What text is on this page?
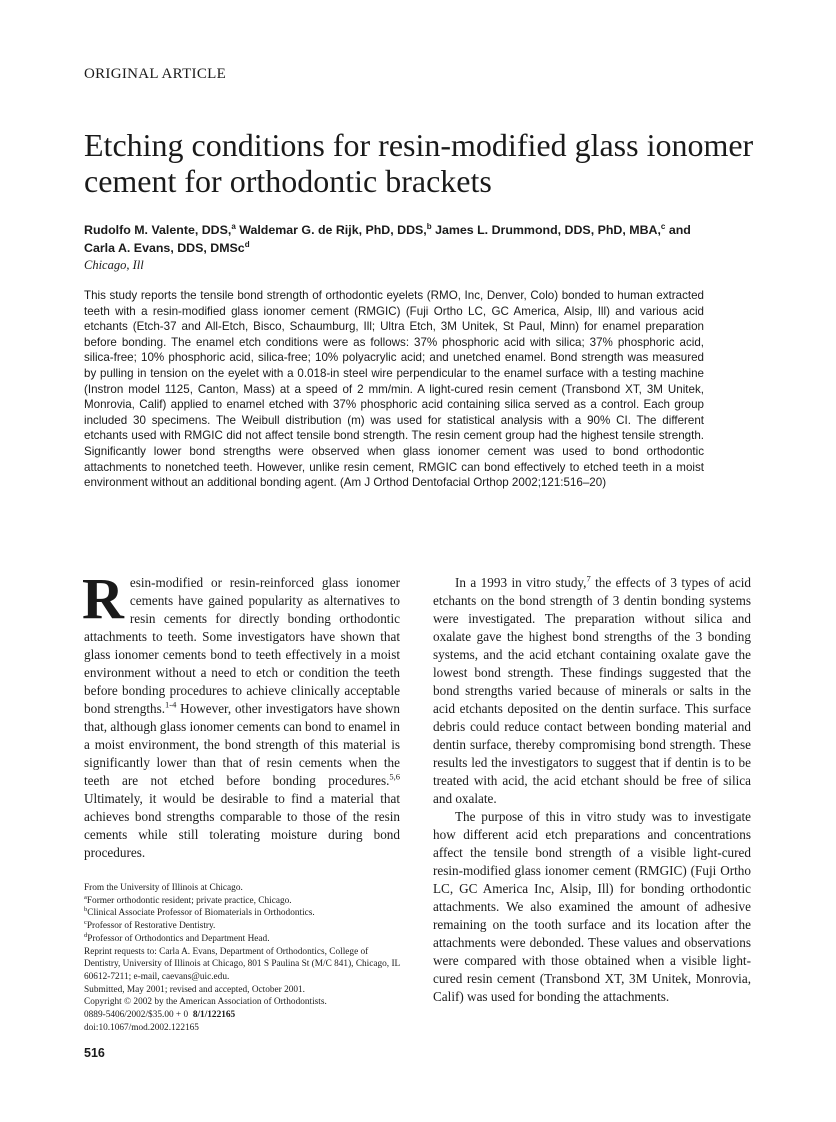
ORIGINAL ARTICLE
Etching conditions for resin-modified glass ionomer cement for orthodontic brackets
Rudolfo M. Valente, DDS,$^a$ Waldemar G. de Rijk, PhD, DDS,$^b$ James L. Drummond, DDS, PhD, MBA,$^c$ and
Carla A. Evans, DDS, DMSc$^d$
Chicago, Ill
This study reports the tensile bond strength of orthodontic eyelets (RMO, Inc, Denver, Colo) bonded to human extracted teeth with a resin-modified glass ionomer cement (RMGIC) (Fuji Ortho LC, GC America, Alsip, Ill) and various acid etchants (Etch-37 and All-Etch, Bisco, Schaumburg, Ill; Ultra Etch, 3M Unitek, St Paul, Minn) for enamel preparation before bonding. The enamel etch conditions were as follows: 37% phosphoric acid with silica; 37% phosphoric acid, silica-free; 10% phosphoric acid, silica-free; 10% polyacrylic acid; and unetched enamel. Bond strength was measured by pulling in tension on the eyelet with a 0.018-in steel wire perpendicular to the enamel surface with a testing machine (Instron model 1125, Canton, Mass) at a speed of 2 mm/min. A light-cured resin cement (Transbond XT, 3M Unitek, Monrovia, Calif) applied to enamel etched with 37% phosphoric acid containing silica served as a control. Each group included 30 specimens. The Weibull distribution (m) was used for statistical analysis with a 90% CI. The different etchants used with RMGIC did not affect tensile bond strength. The resin cement group had the highest tensile strength. Significantly lower bond strengths were observed when glass ionomer cement was used to bond orthodontic attachments to nonetched teeth. However, unlike resin cement, RMGIC can bond effectively to etched teeth in a moist environment without an additional bonding agent. (Am J Orthod Dentofacial Orthop 2002;121:516–20)

Resin-modified or resin-reinforced glass ionomer cements have gained popularity as alternatives to resin cements for directly bonding orthodontic attachments to teeth. Some investigators have shown that glass ionomer cements bond to teeth effectively in a moist environment without a need to etch or condition the teeth before bonding procedures to achieve clinically acceptable bond strengths.$^{1-4}$ However, other investigators have shown that, although glass ionomer cements can bond to enamel in a moist environment, the bond strength of this material is significantly lower than that of resin cements when the teeth are not etched before bonding procedures.$^{5,6}$ Ultimately, it would be desirable to find a material that achieves bond strengths comparable to those of the resin cements while still tolerating moisture during bond procedures.

From the University of Illinois at Chicago.
$^a$Former orthodontic resident; private practice, Chicago.
$^b$Clinical Associate Professor of Biomaterials in Orthodontics.
$^c$Professor of Restorative Dentistry.
$^d$Professor of Orthodontics and Department Head.
Reprint requests to: Carla A. Evans, Department of Orthodontics, College of Dentistry, University of Illinois at Chicago, 801 S Paulina St (M/C 841), Chicago, IL 60612-7211; e-mail, caevans@uic.edu.
Submitted, May 2001; revised and accepted, October 2001.
Copyright © 2002 by the American Association of Orthodontists.
0889-5406/2002/$35.00 + 0 8/1/122165
doi:10.1067/mod.2002.122165

In a 1993 in vitro study,$^7$ the effects of 3 types of acid etchants on the bond strength of 3 dentin bonding systems were investigated. The preparation without silica and oxalate gave the highest bond strengths of the 3 bonding systems, and the acid etchant containing oxalate gave the lowest bond strength. These findings suggested that the bond strengths varied because of minerals or salts in the acid etchants deposited on the dentin surface. This surface debris could reduce contact between bonding material and dentin surface, thereby compromising bond strength. These results led the investigators to suggest that if dentin is to be treated with acid, the acid etchant should be free of silica and oxalate.

The purpose of this in vitro study was to investigate how different acid etch preparations and concentrations affect the tensile bond strength of a visible light-cured resin-modified glass ionomer cement (RMGIC) (Fuji Ortho LC, GC America Inc, Alsip, Ill) for bonding orthodontic attachments. We also examined the amount of adhesive remaining on the tooth surface and its location after the attachments were debonded. These values and observations were compared with those obtained when a visible light-cured resin cement (Transbond XT, 3M Unitek, Monrovia, Calif) was used for bonding the attachments.

516
